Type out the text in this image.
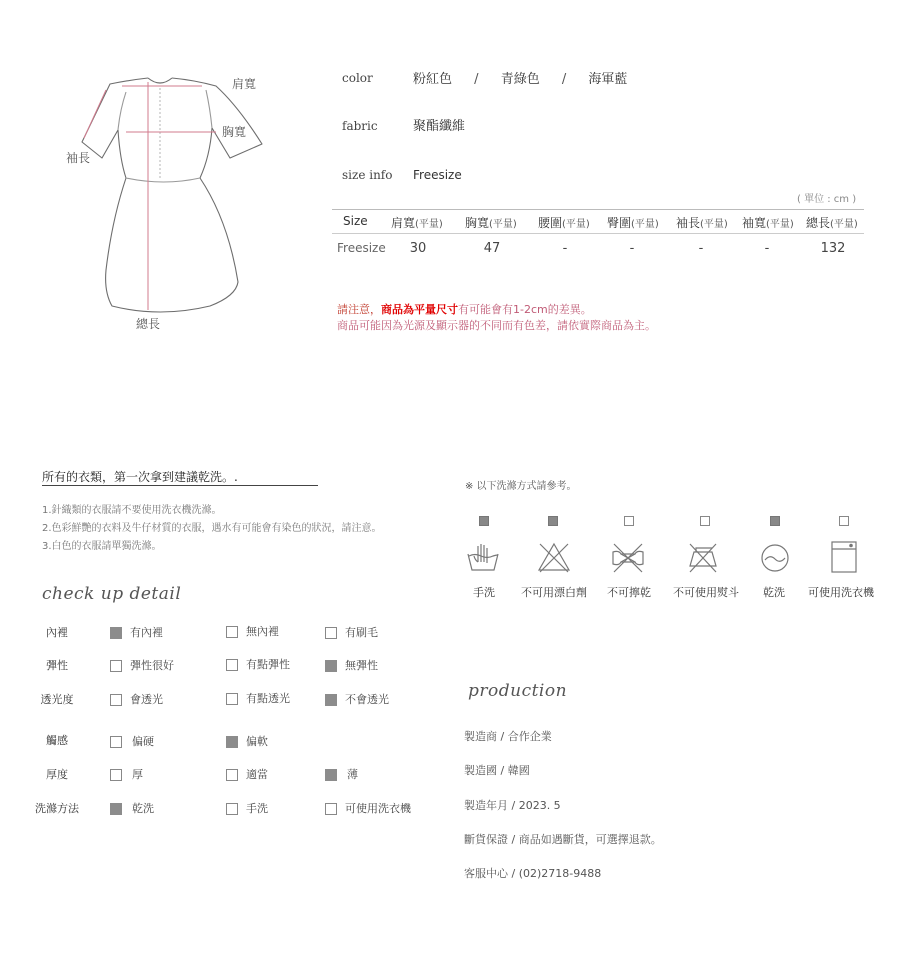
肩寬
胸寬
袖長
總長
color	粉紅色 / 青綠色 / 海軍藍
fabric	聚酯纖維
size info Freesize
( 單位 : cm )
Size 肩寬(平量) 胸寬(平量) 腰圍(平量) 臀圍(平量) 袖長(平量) 袖寬(平量) 總長(平量)
Freesize	30	47	-	-	-	-	132
請注意，商品為平量尺寸有可能會有1-2cm的差異。
商品可能因為光源及顯示器的不同而有色差，請依實際商品為主。
所有的衣類，第一次拿到建議乾洗。.
1.針織類的衣服請不要使用洗衣機洗滌。
2.色彩鮮艷的衣料及牛仔材質的衣服，遇水有可能會有染色的狀況，請注意。
3.白色的衣服請單獨洗滌。
check up detail
內裡	有內裡	無內裡	有刷毛
彈性	彈性很好	有點彈性	無彈性
透光度	會透光	有點透光	不會透光
觸感	偏硬	偏軟
厚度	厚	適當	薄
洗滌方法	乾洗	手洗	可使用洗衣機
※ 以下洗滌方式請參考。
手洗	不可用漂白劑	不可擰乾	不可使用熨斗	乾洗	可使用洗衣機
production
製造商 / 合作企業
製造國 / 韓國
製造年月 / 2023. 5
斷貨保證 / 商品如遇斷貨，可選擇退款。
客服中心 / (02)2718-9488
